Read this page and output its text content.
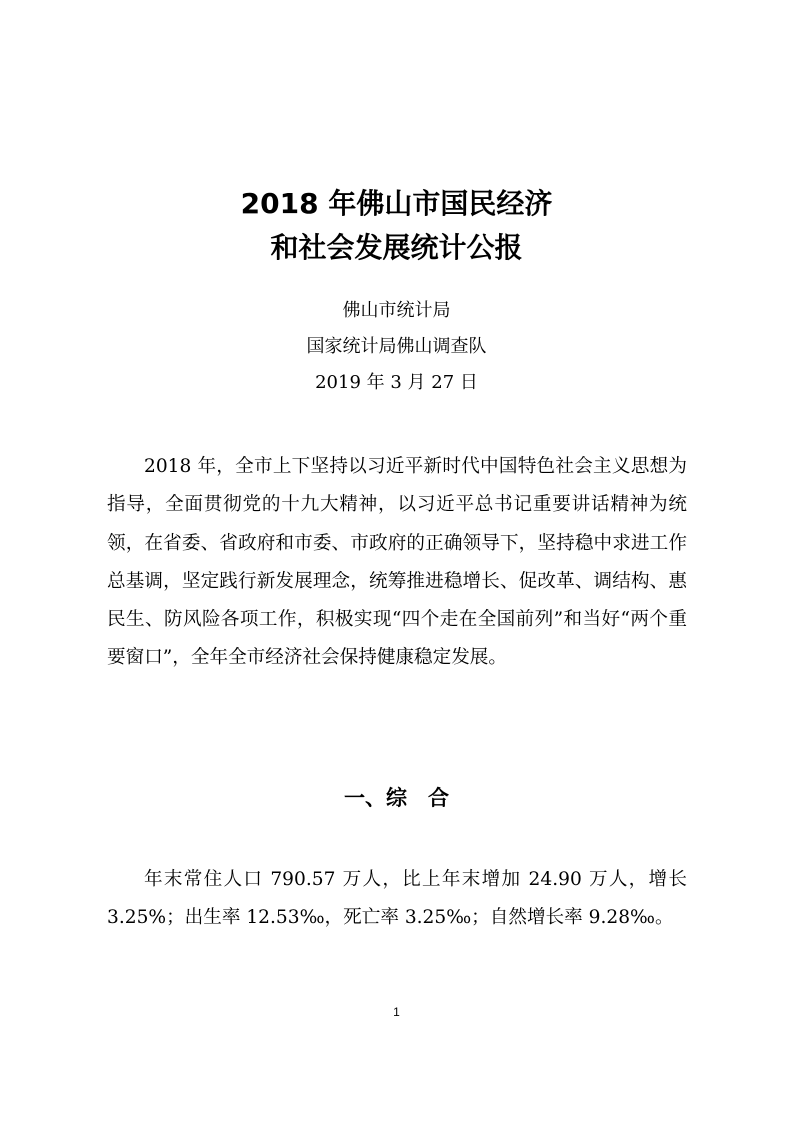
2018 年佛山市国民经济
和社会发展统计公报
佛山市统计局
国家统计局佛山调查队
2019 年 3 月 27 日

2018 年，全市上下坚持以习近平新时代中国特色社会主义思想为指导，全面贯彻党的十九大精神，以习近平总书记重要讲话精神为统领，在省委、省政府和市委、市政府的正确领导下，坚持稳中求进工作总基调，坚定践行新发展理念，统筹推进稳增长、促改革、调结构、惠民生、防风险各项工作，积极实现“四个走在全国前列”和当好“两个重要窗口”，全年全市经济社会保持健康稳定发展。

一、综　合

年末常住人口 790.57 万人，比上年末增加 24.90 万人，增长 3.25%；出生率 12.53‰，死亡率 3.25‰；自然增长率 9.28‰。

1
